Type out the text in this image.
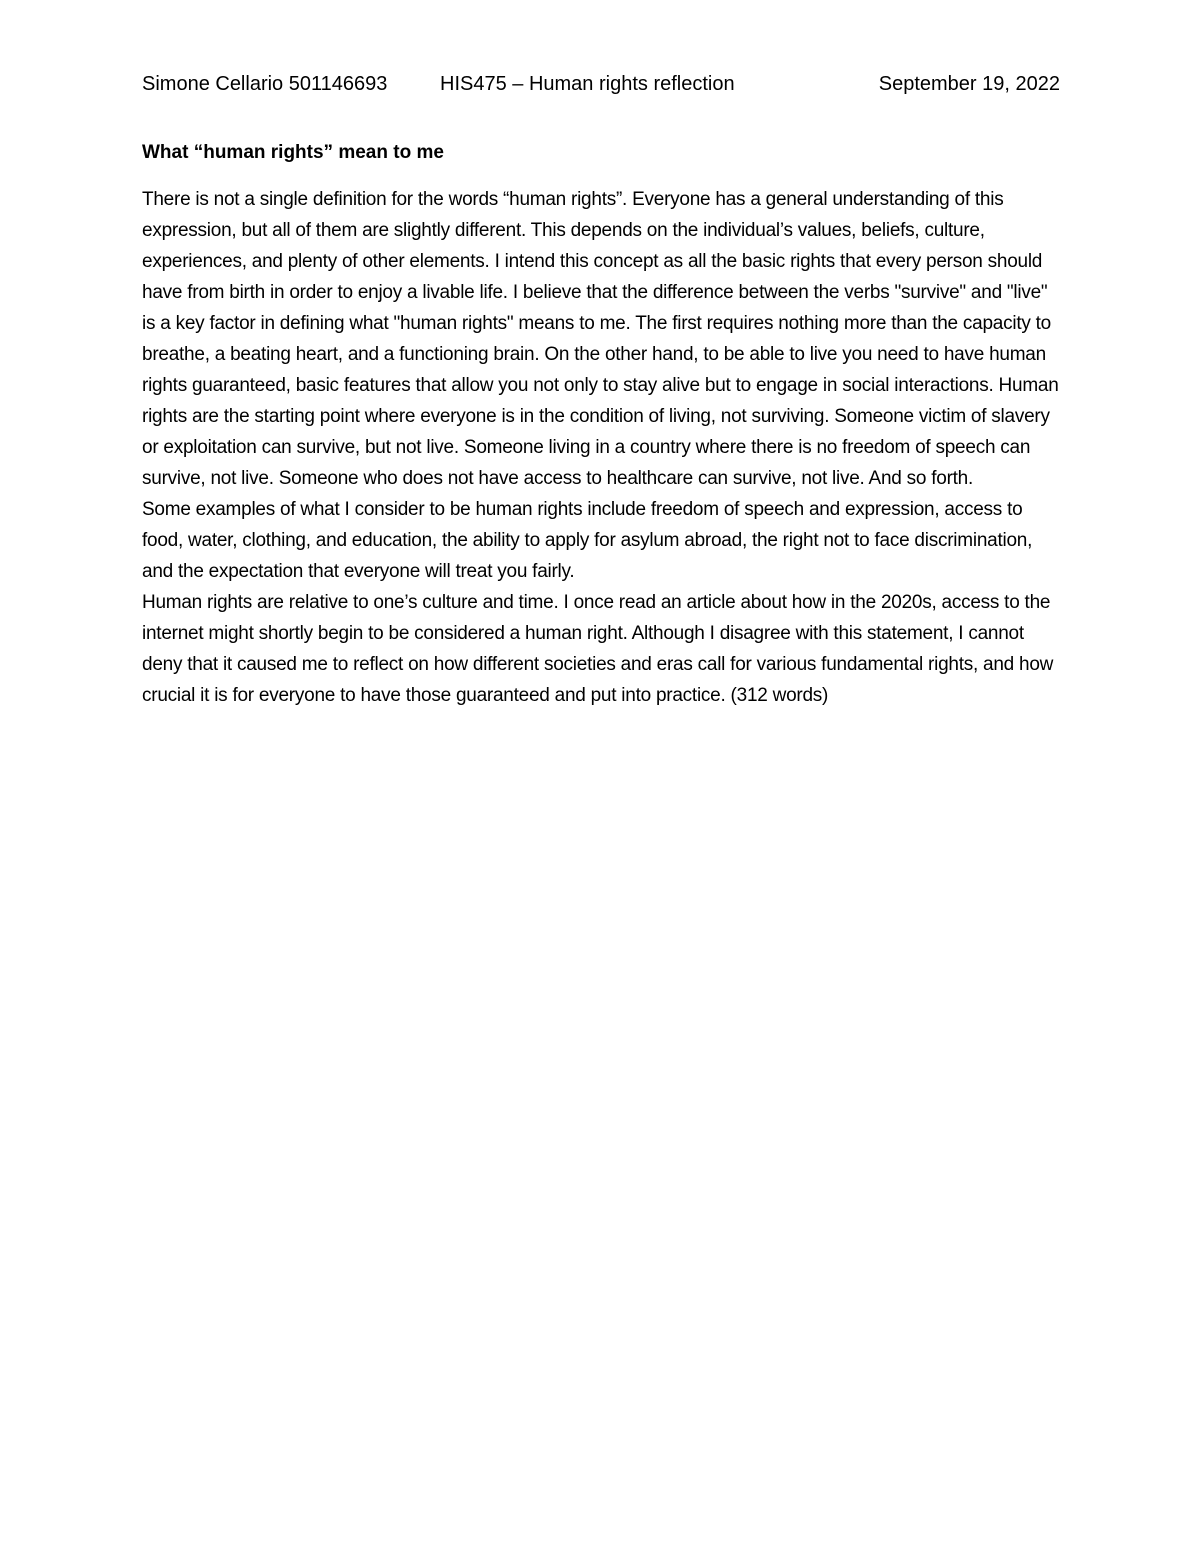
Simone Cellario 501146693	HIS475 – Human rights reflection	September 19, 2022
What “human rights” mean to me

There is not a single definition for the words “human rights”. Everyone has a general understanding of this expression, but all of them are slightly different. This depends on the individual’s values, beliefs, culture, experiences, and plenty of other elements. I intend this concept as all the basic rights that every person should have from birth in order to enjoy a livable life. I believe that the difference between the verbs "survive" and "live" is a key factor in defining what "human rights" means to me. The first requires nothing more than the capacity to breathe, a beating heart, and a functioning brain. On the other hand, to be able to live you need to have human rights guaranteed, basic features that allow you not only to stay alive but to engage in social interactions. Human rights are the starting point where everyone is in the condition of living, not surviving. Someone victim of slavery or exploitation can survive, but not live. Someone living in a country where there is no freedom of speech can survive, not live. Someone who does not have access to healthcare can survive, not live. And so forth.

Some examples of what I consider to be human rights include freedom of speech and expression, access to food, water, clothing, and education, the ability to apply for asylum abroad, the right not to face discrimination, and the expectation that everyone will treat you fairly.

Human rights are relative to one’s culture and time. I once read an article about how in the 2020s, access to the internet might shortly begin to be considered a human right. Although I disagree with this statement, I cannot deny that it caused me to reflect on how different societies and eras call for various fundamental rights, and how crucial it is for everyone to have those guaranteed and put into practice. (312 words)
